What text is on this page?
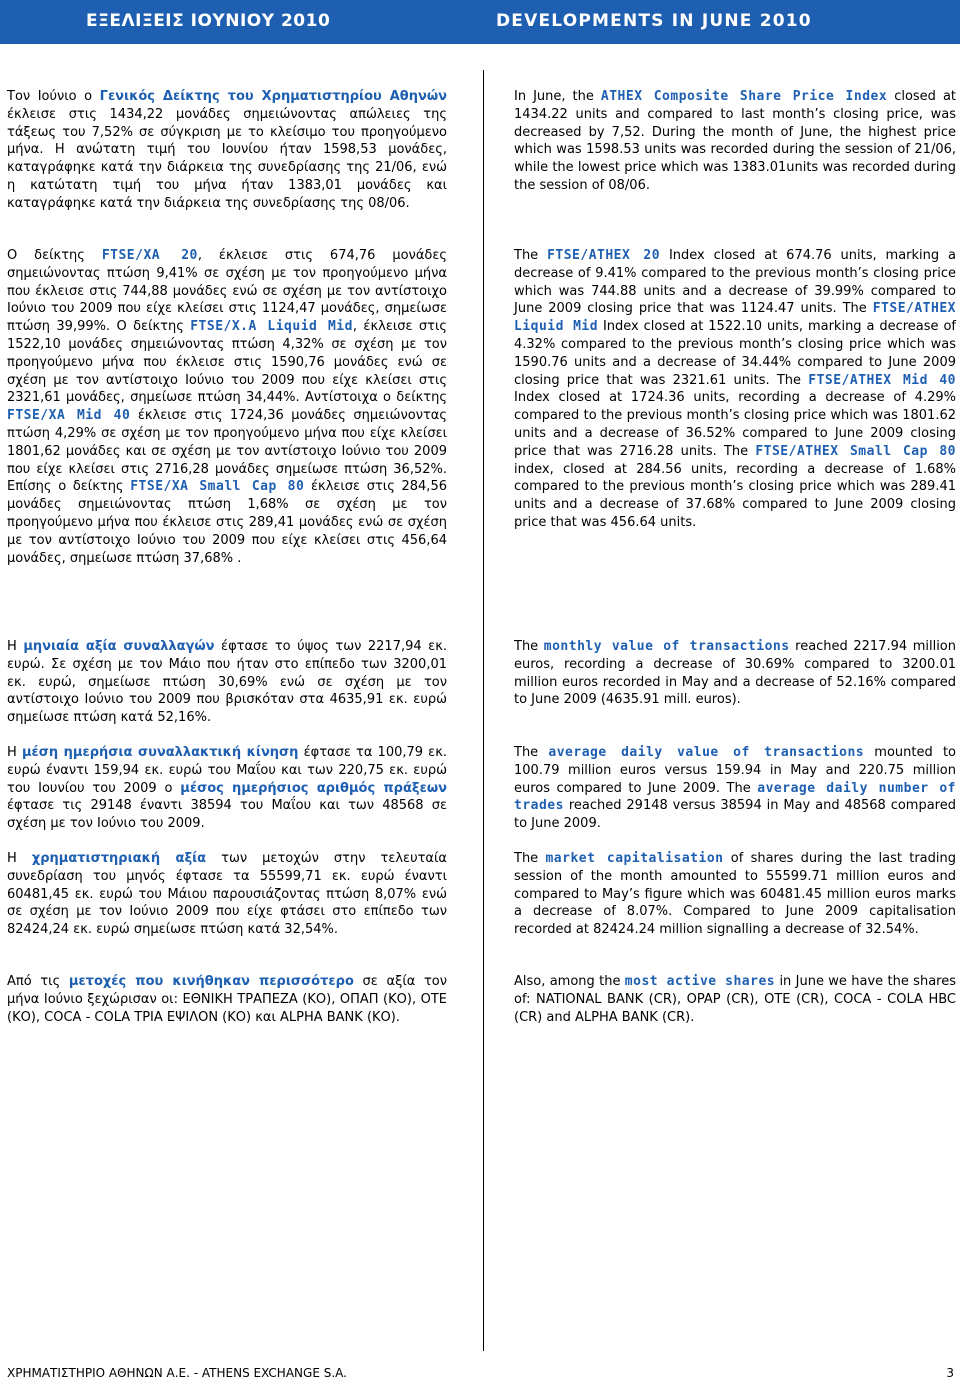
ΕΞΕΛΙΞΕΙΣ ΙΟΥΝΙΟΥ 2010	DEVELOPMENTS IN JUNE 2010

Τον Ιούνιο ο Γενικός Δείκτης του Χρηματιστηρίου Αθηνών έκλεισε στις 1434,22 μονάδες σημειώνοντας απώλειες της τάξεως του 7,52% σε σύγκριση με το κλείσιμο του προηγούμενο μήνα. Η ανώτατη τιμή του Ιουνίου ήταν 1598,53 μονάδες, καταγράφηκε κατά την διάρκεια της συνεδρίασης της 21/06, ενώ η κατώτατη τιμή του μήνα ήταν 1383,01 μονάδες και καταγράφηκε κατά την διάρκεια της συνεδρίασης της 08/06.

Ο δείκτης FTSE/XA 20, έκλεισε στις 674,76 μονάδες σημειώνοντας πτώση 9,41% σε σχέση με τον προηγούμενο μήνα που έκλεισε στις 744,88 μονάδες ενώ σε σχέση με τον αντίστοιχο Ιούνιο του 2009 που είχε κλείσει στις 1124,47 μονάδες, σημείωσε πτώση 39,99%. Ο δείκτης FTSE/X.A Liquid Mid, έκλεισε στις 1522,10 μονάδες σημειώνοντας πτώση 4,32% σε σχέση με τον προηγούμενο μήνα που έκλεισε στις 1590,76 μονάδες ενώ σε σχέση με τον αντίστοιχο Ιούνιο του 2009 που είχε κλείσει στις 2321,61 μονάδες, σημείωσε πτώση 34,44%. Αντίστοιχα ο δείκτης FTSE/XA Mid 40 έκλεισε στις 1724,36 μονάδες σημειώνοντας πτώση 4,29% σε σχέση με τον προηγούμενο μήνα που είχε κλείσει 1801,62 μονάδες και σε σχέση με τον αντίστοιχο Ιούνιο του 2009 που είχε κλείσει στις 2716,28 μονάδες σημείωσε πτώση 36,52%. Επίσης ο δείκτης FTSE/XA Small Cap 80 έκλεισε στις 284,56 μονάδες σημειώνοντας πτώση 1,68% σε σχέση με τον προηγούμενο μήνα που έκλεισε στις 289,41 μονάδες ενώ σε σχέση με τον αντίστοιχο Ιούνιο του 2009 που είχε κλείσει στις 456,64 μονάδες, σημείωσε πτώση 37,68% .

Η μηνιαία αξία συναλλαγών έφτασε το ύψος των 2217,94 εκ. ευρώ. Σε σχέση με τον Μάιο που ήταν στο επίπεδο των 3200,01 εκ. ευρώ, σημείωσε πτώση 30,69% ενώ σε σχέση με τον αντίστοιχο Ιούνιο του 2009 που βρισκόταν στα 4635,91 εκ. ευρώ σημείωσε πτώση κατά 52,16%.

Η μέση ημερήσια συναλλακτική κίνηση έφτασε τα 100,79 εκ. ευρώ έναντι 159,94 εκ. ευρώ του Μαΐου και των 220,75 εκ. ευρώ του Ιουνίου του 2009 ο μέσος ημερήσιος αριθμός πράξεων έφτασε τις 29148 έναντι 38594 του Μαΐου και των 48568 σε σχέση με τον Ιούνιο του 2009.

Η χρηματιστηριακή αξία των μετοχών στην τελευταία συνεδρίαση του μηνός έφτασε τα 55599,71 εκ. ευρώ έναντι 60481,45 εκ. ευρώ του Μάιου παρουσιάζοντας πτώση 8,07% ενώ σε σχέση με τον Ιούνιο 2009 που είχε φτάσει στο επίπεδο των 82424,24 εκ. ευρώ σημείωσε πτώση κατά 32,54%.

Από τις μετοχές που κινήθηκαν περισσότερο σε αξία τον μήνα Ιούνιο ξεχώρισαν οι: ΕΘΝΙΚΗ ΤΡΑΠΕΖΑ (ΚΟ), ΟΠΑΠ (ΚΟ), ΟΤΕ (ΚΟ), COCA - COLA ΤΡΙΑ ΕΨΙΛΟΝ (ΚΟ) και ALPHA BANK (ΚΟ).

In June, the ATHEX Composite Share Price Index closed at 1434.22 units and compared to last month’s closing price, was decreased by 7,52. During the month of June, the highest price which was 1598.53 units was recorded during the session of 21/06, while the lowest price which was 1383.01units was recorded during the session of 08/06.

The FTSE/ATHEX 20 Index closed at 674.76 units, marking a decrease of 9.41% compared to the previous month’s closing price which was 744.88 units and a decrease of 39.99% compared to June 2009 closing price that was 1124.47 units. The FTSE/ATHEX Liquid Mid Index closed at 1522.10 units, marking a decrease of 4.32% compared to the previous month’s closing price which was 1590.76 units and a decrease of 34.44% compared to June 2009 closing price that was 2321.61 units. The FTSE/ATHEX Mid 40 Index closed at 1724.36 units, recording a decrease of 4.29% compared to the previous month’s closing price which was 1801.62 units and a decrease of 36.52% compared to June 2009 closing price that was 2716.28 units. The FTSE/ATHEX Small Cap 80 index, closed at 284.56 units, recording a decrease of 1.68% compared to the previous month’s closing price which was 289.41 units and a decrease of 37.68% compared to June 2009 closing price that was 456.64 units.

The monthly value of transactions reached 2217.94 million euros, recording a decrease of 30.69% compared to 3200.01 million euros recorded in May and a decrease of 52.16% compared to June 2009 (4635.91 mill. euros).

The average daily value of transactions mounted to 100.79 million euros versus 159.94 in May and 220.75 million euros compared to June 2009. The average daily number of trades reached 29148 versus 38594 in May and 48568 compared to June 2009.

The market capitalisation of shares during the last trading session of the month amounted to 55599.71 million euros and compared to May’s figure which was 60481.45 million euros marks a decrease of 8.07%. Compared to June 2009 capitalisation recorded at 82424.24 million signalling a decrease of 32.54%.

Also, among the most active shares in June we have the shares of: NATIONAL BANK (CR), OPAP (CR), OTE (CR), COCA - COLA HBC (CR) and ALPHA BANK (CR).

ΧΡΗΜΑΤΙΣΤΗΡΙΟ ΑΘΗΝΩΝ Α.Ε. - ATHENS EXCHANGE S.A.	3
